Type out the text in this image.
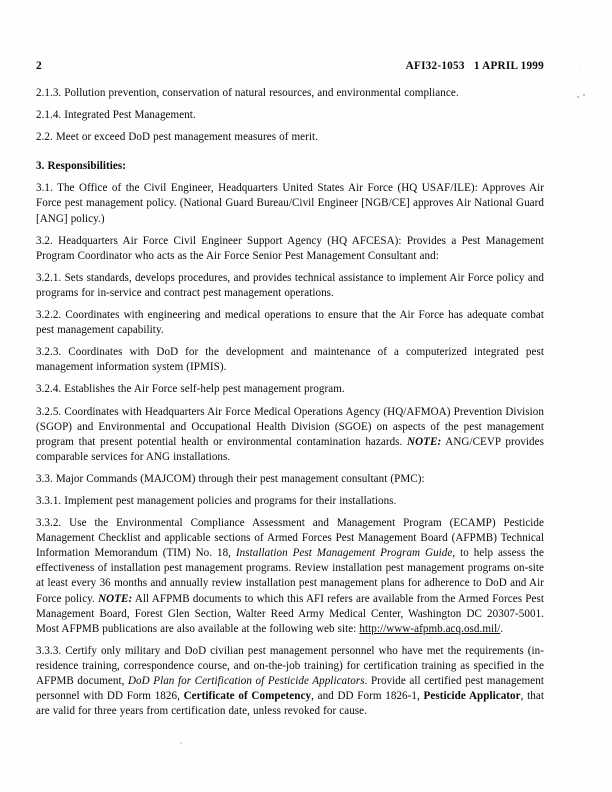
2	AFI32-1053   1 APRIL 1999

2.1.3. Pollution prevention, conservation of natural resources, and environmental compliance.

2.1.4. Integrated Pest Management.

2.2. Meet or exceed DoD pest management measures of merit.

3. Responsibilities:

3.1. The Office of the Civil Engineer, Headquarters United States Air Force (HQ USAF/ILE): Approves Air Force pest management policy. (National Guard Bureau/Civil Engineer [NGB/CE] approves Air National Guard [ANG] policy.)

3.2. Headquarters Air Force Civil Engineer Support Agency (HQ AFCESA): Provides a Pest Management Program Coordinator who acts as the Air Force Senior Pest Management Consultant and:

3.2.1. Sets standards, develops procedures, and provides technical assistance to implement Air Force policy and programs for in-service and contract pest management operations.

3.2.2. Coordinates with engineering and medical operations to ensure that the Air Force has adequate combat pest management capability.

3.2.3. Coordinates with DoD for the development and maintenance of a computerized integrated pest management information system (IPMIS).

3.2.4. Establishes the Air Force self-help pest management program.

3.2.5. Coordinates with Headquarters Air Force Medical Operations Agency (HQ/AFMOA) Prevention Division (SGOP) and Environmental and Occupational Health Division (SGOE) on aspects of the pest management program that present potential health or environmental contamination hazards. NOTE: ANG/CEVP provides comparable services for ANG installations.

3.3. Major Commands (MAJCOM) through their pest management consultant (PMC):

3.3.1. Implement pest management policies and programs for their installations.

3.3.2. Use the Environmental Compliance Assessment and Management Program (ECAMP) Pesticide Management Checklist and applicable sections of Armed Forces Pest Management Board (AFPMB) Technical Information Memorandum (TIM) No. 18, Installation Pest Management Program Guide, to help assess the effectiveness of installation pest management programs. Review installation pest management programs on-site at least every 36 months and annually review installation pest management plans for adherence to DoD and Air Force policy. NOTE: All AFPMB documents to which this AFI refers are available from the Armed Forces Pest Management Board, Forest Glen Section, Walter Reed Army Medical Center, Washington DC 20307-5001. Most AFPMB publications are also available at the following web site: http://www-afpmb.acq.osd.mil/.

3.3.3. Certify only military and DoD civilian pest management personnel who have met the requirements (in-residence training, correspondence course, and on-the-job training) for certification training as specified in the AFPMB document, DoD Plan for Certification of Pesticide Applicators. Provide all certified pest management personnel with DD Form 1826, Certificate of Competency, and DD Form 1826-1, Pesticide Applicator, that are valid for three years from certification date, unless revoked for cause.
